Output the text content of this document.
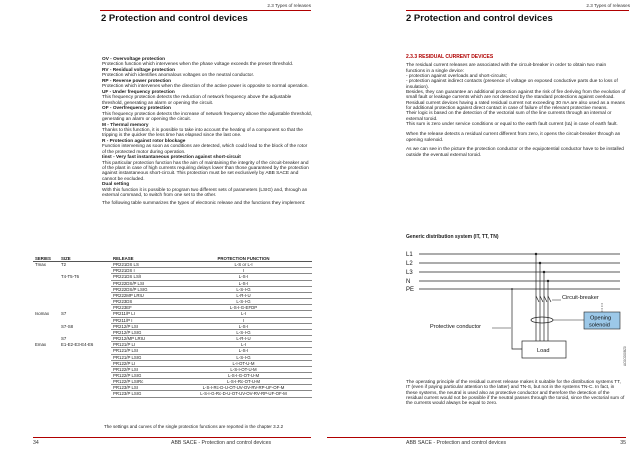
2.3 Types of releases
2 Protection and control devices

OV - Overvoltage protection
Protection function which intervenes when the phase voltage exceeds the preset threshold.

RV - Residual voltage protection
Protection which identifies anomalous voltages on the neutral conductor.

RP - Reverse power protection
Protection which intervenes when the direction of the active power is opposite to normal operation.

UF - Under frequency protection
This frequency protection detects the reduction of network frequency above the adjustable threshold, generating an alarm or opening the circuit.

OF - Overfrequency protection
This frequency protection detects the increase of network frequency above the adjustable threshold, generating an alarm or opening the circuit.

M - Thermal memory
Thanks to this function, it is possible to take into account the heating of a component so that the tripping is the quicker the less time has elapsed since the last one.

R - Protection against rotor blockage
Function intervening as soon as conditions are detected, which could lead to the block of the rotor of the protected motor during operation.

Iinst - Very fast instantaneous protection against short-circuit
This particular protection function has the aim of maintaining the integrity of the circuit-breaker and of the plant in case of high currents requiring delays lower than those guaranteed by the protection against instantaneous short-circuit. This protection must be set exclusively by ABB SACE and cannot be excluded.

Dual setting
With this function it is possible to program two different sets of parameters (LSIG) and, through an external command, to switch from one set to the other.

The following table summarizes the types of electronic release and the functions they implement:

SERIES	SIZE	RELEASE	PROTECTION FUNCTION
Tmax	T2	PR221DS LS	L-S or L-I
		PR221DS I	I
	T4-T5-T6	PR221DS LS/I	L-S-I
		PR222DS/P LSI	L-S-I
		PR222DS/P LSIG	L-S-I-G
		PR222MP LRIU	L-R-I-U
		PR223DS	L-S-I-G
		PR223EF	L-S-I-G-EFDP
Isomax	S7	PR211/P LI	L-I
		PR211/P I	I
	S7-S8	PR212/P LSI	L-S-I
		PR212/P LSIG	L-S-I-G
	S7	PR212/MP LRIU	L-R-I-U
Emax	E1-E2-E3-E4-E6	PR121/P LI	L-I
		PR121/P LSI	L-S-I
		PR121/P LSIG	L-S-I-G
		PR122/P LI	L-I-OT-U-M
		PR122/P LSI	L-S-I-OT-U-M
		PR122/P LSIG	L-S-I-G-OT-U-M
		PR122/P LSIRc	L-S-I-Rc-OT-U-M
		PR123/P LSI	L-S-I-Rc-D-U-OT-UV-OV-RV-RP-UF-OF-M
		PR123/P LSIG	L-S-I-G-Rc-D-U-OT-UV-OV-RV-RP-UF-OF-M
The settings and curves of the single protection functions are reported in the chapter 3.2.2
34	ABB SACE - Protection and control devices
2.3 Types of releases
2 Protection and control devices
2.3.3 RESIDUAL CURRENT DEVICES

The residual current releases are associated with the circuit-breaker in order to obtain two main functions in a single device:

- protection against overloads and short-circuits;

- protection against indirect contacts (presence of voltage on exposed conductive parts due to loss of insulation).

Besides, they can guarantee an additional protection against the risk of fire deriving from the evolution of small fault or leakage currents which are not detected by the standard protections against overload.

Residual current devices having a rated residual current not exceeding 30 mA are also used as a means for additional protection against direct contact in case of failure of the relevant protective means.

Their logic is based on the detection of the vectorial sum of the line currents through an internal or external toroid.

This sum is zero under service conditions or equal to the earth fault current (IΔ) in case of earth fault.

When the release detects a residual current different from zero, it opens the circuit-breaker through an opening solenoid.

As we can see in the picture the protection conductor or the equipotential conductor have to be installed outside the eventual external toroid.

Generic distribution system (IT, TT, TN)
L1
L2
L3
N
PE
Circuit-breaker
Opening
solenoid
Protective conductor
Load	AC0C000BZ0

The operating principle of the residual current release makes it suitable for the distribution systems TT, IT (even if paying particular attention to the latter) and TN-S, but not in the systems TN-C. In fact, in these systems, the neutral is used also as protective conductor and therefore the detection of the residual current would not be possible if the neutral passes through the toroid, since the vectorial sum of the currents would always be equal to zero.

ABB SACE - Protection and control devices	35
